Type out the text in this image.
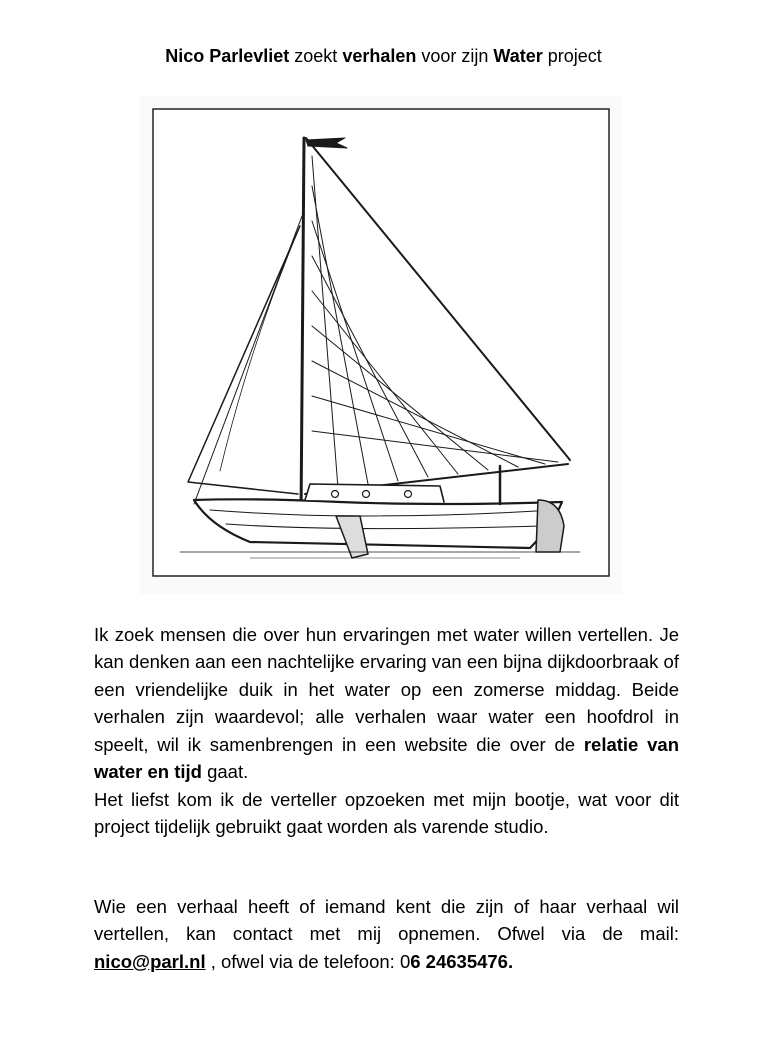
Nico Parlevliet zoekt verhalen voor zijn Water project
Ik zoek mensen die over hun ervaringen met water willen vertellen. Je kan denken aan een nachtelijke ervaring van een bijna dijkdoorbraak of een vriendelijke duik in het water op een zomerse middag. Beide verhalen zijn waardevol; alle verhalen waar water een hoofdrol in speelt, wil ik samenbrengen in een website die over de relatie van water en tijd gaat.
Het liefst kom ik de verteller opzoeken met mijn bootje, wat voor dit project tijdelijk gebruikt gaat worden als varende studio.
Wie een verhaal heeft of iemand kent die zijn of haar verhaal wil vertellen, kan contact met mij opnemen. Ofwel via de mail: nico@parl.nl , ofwel via de telefoon: 06 24635476.
